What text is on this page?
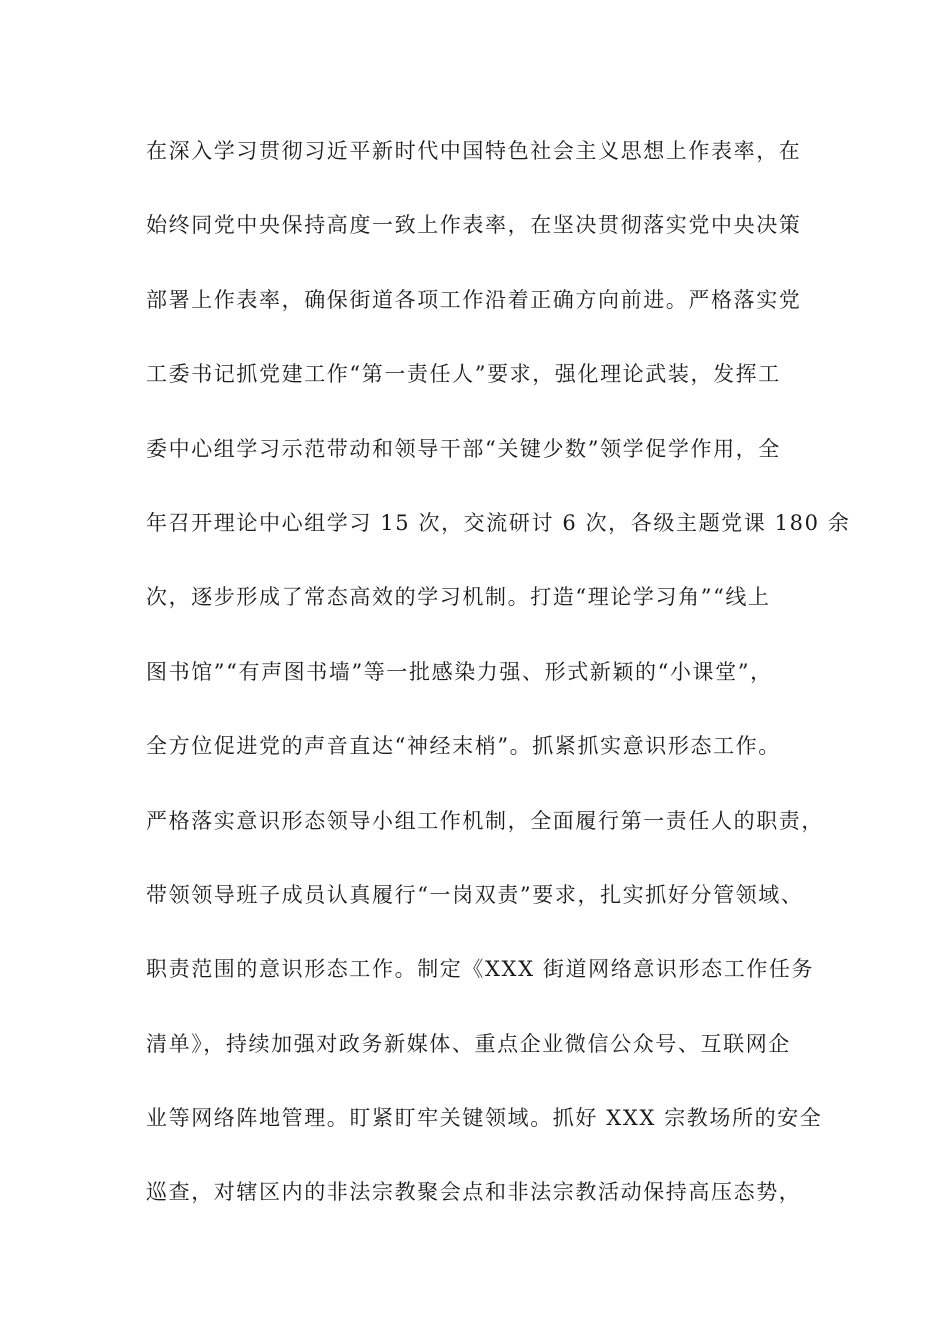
在深入学习贯彻习近平新时代中国特色社会主义思想上作表率，在
始终同党中央保持高度一致上作表率，在坚决贯彻落实党中央决策
部署上作表率，确保街道各项工作沿着正确方向前进。严格落实党
工委书记抓党建工作“第一责任人”要求，强化理论武装，发挥工
委中心组学习示范带动和领导干部“关键少数”领学促学作用，全
年召开理论中心组学习 15 次，交流研讨 6 次，各级主题党课 180 余
次，逐步形成了常态高效的学习机制。打造“理论学习角”“线上
图书馆”“有声图书墙”等一批感染力强、形式新颖的“小课堂”，
全方位促进党的声音直达“神经末梢”。抓紧抓实意识形态工作。
严格落实意识形态领导小组工作机制，全面履行第一责任人的职责，
带领领导班子成员认真履行“一岗双责”要求，扎实抓好分管领域、
职责范围的意识形态工作。制定《XXX 街道网络意识形态工作任务
清单》，持续加强对政务新媒体、重点企业微信公众号、互联网企
业等网络阵地管理。盯紧盯牢关键领域。抓好 XXX 宗教场所的安全
巡查，对辖区内的非法宗教聚会点和非法宗教活动保持高压态势，
